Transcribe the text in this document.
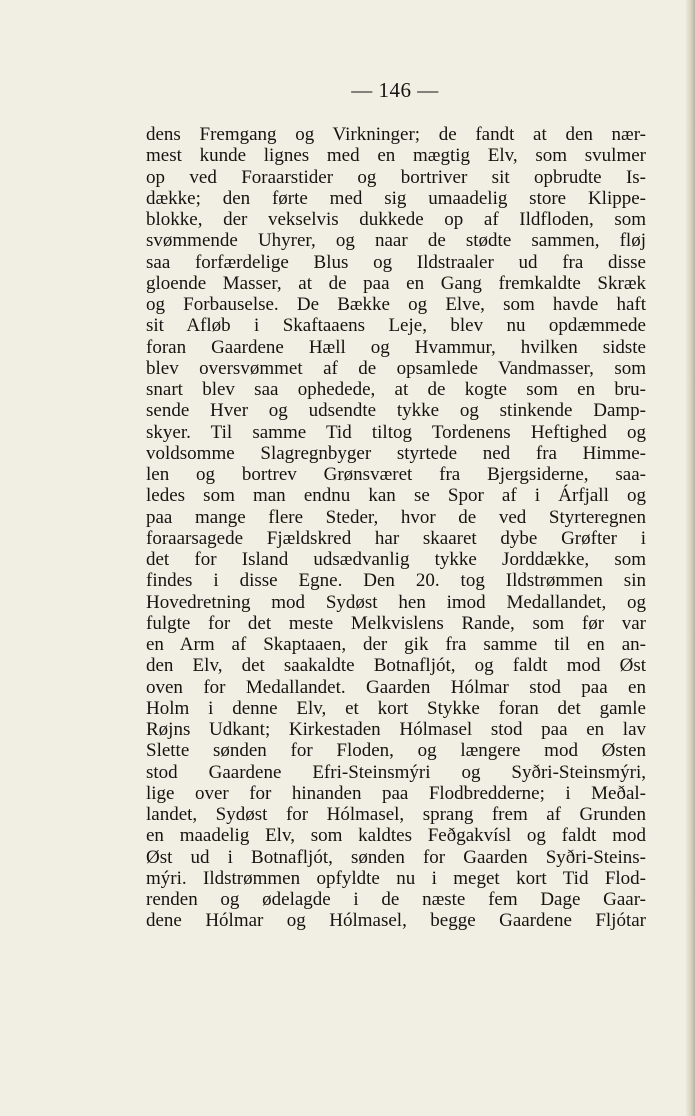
— 146 —
dens Fremgang og Virkninger; de fandt at den nær-
mest kunde lignes med en mægtig Elv, som svulmer
op ved Foraarstider og bortriver sit opbrudte Is-
dække; den førte med sig umaadelig store Klippe-
blokke, der vekselvis dukkede op af Ildfloden, som
svømmende Uhyrer, og naar de stødte sammen, fløj
saa forfærdelige Blus og Ildstraaler ud fra disse
gloende Masser, at de paa en Gang fremkaldte Skræk
og Forbauselse. De Bække og Elve, som havde haft
sit Afløb i Skaftaaens Leje, blev nu opdæmmede
foran Gaardene Hæll og Hvammur, hvilken sidste
blev oversvømmet af de opsamlede Vandmasser, som
snart blev saa ophedede, at de kogte som en bru-
sende Hver og udsendte tykke og stinkende Damp-
skyer. Til samme Tid tiltog Tordenens Heftighed og
voldsomme Slagregnbyger styrtede ned fra Himme-
len og bortrev Grønsværet fra Bjergsiderne, saa-
ledes som man endnu kan se Spor af i Árfjall og
paa mange flere Steder, hvor de ved Styrteregnen
foraarsagede Fjældskred har skaaret dybe Grøfter i
det for Island udsædvanlig tykke Jorddække, som
findes i disse Egne. Den 20. tog Ildstrømmen sin
Hovedretning mod Sydøst hen imod Medallandet, og
fulgte for det meste Melkvislens Rande, som før var
en Arm af Skaptaaen, der gik fra samme til en an-
den Elv, det saakaldte Botnafljót, og faldt mod Øst
oven for Medallandet. Gaarden Hólmar stod paa en
Holm i denne Elv, et kort Stykke foran det gamle
Røjns Udkant; Kirkestaden Hólmasel stod paa en lav
Slette sønden for Floden, og længere mod Østen
stod Gaardene Efri-Steinsmýri og Syðri-Steinsmýri,
lige over for hinanden paa Flodbredderne; i Meðal-
landet, Sydøst for Hólmasel, sprang frem af Grunden
en maadelig Elv, som kaldtes Feðgakvísl og faldt mod
Øst ud i Botnafljót, sønden for Gaarden Syðri-Steins-
mýri. Ildstrømmen opfyldte nu i meget kort Tid Flod-
renden og ødelagde i de næste fem Dage Gaar-
dene Hólmar og Hólmasel, begge Gaardene Fljótar
